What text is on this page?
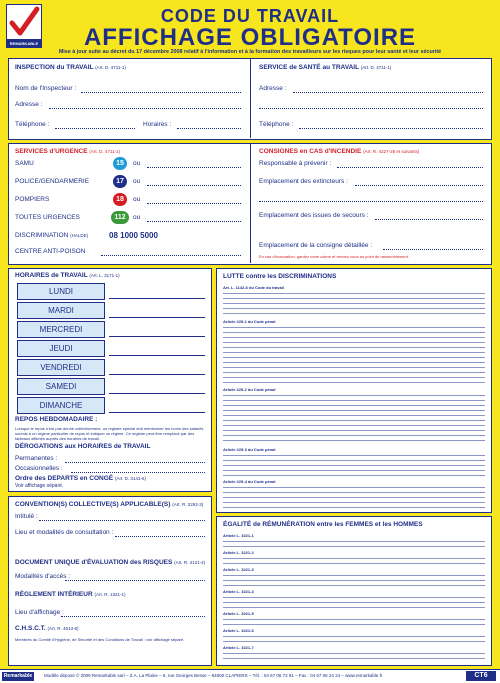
REMARKABLE
CODE DU TRAVAIL
AFFICHAGE OBLIGATOIRE
Mise à jour suite au décret du 17 décembre 2008 relatif à l'information et à la formation des travailleurs sur les risques pour leur santé et leur sécurité
INSPECTION du TRAVAIL (Art. D. 4711-1)
Nom de l'Inspecteur :
Adresse :
Téléphone :	Horaires :
SERVICE de SANTÉ au TRAVAIL (Art. D. 4711-1)
Adresse :
Téléphone :
SERVICES d'URGENCE (Art. D. 4711-1)
SAMU	15	ou
POLICE/GENDARMERIE	17	ou
POMPIERS	18	ou
TOUTES URGENCES	112	ou
DISCRIMINATION (HALDE)	08 1000 5000
CENTRE ANTI-POISON
CONSIGNES en CAS d'INCENDIE (Art. R. 4227-28 et suivants)
Responsable à prévenir :
Emplacement des extincteurs :
Emplacement des issues de secours :
Emplacement de la consigne détaillée :
En cas d'évacuation, gardez votre calme et rendez-vous au point de rassemblement.
HORAIRES de TRAVAIL (Art. L. 3171-1)
LUNDI
MARDI
MERCREDI
JEUDI
VENDREDI
SAMEDI
DIMANCHE
REPOS HEBDOMADAIRE :
Lorsque le repos n'est pas donné collectivement, un registre spécial doit mentionner les noms des salariés soumis à un régime particulier de repos et indiquer ce régime. Ce registre peut être remplacé par des tableaux affichés auprès des horaires de travail.
DÉROGATIONS aux HORAIRES de TRAVAIL
Permanentes :
Occasionnelles :
Ordre des DEPARTS en CONGÉ (Art. D. 3141-6)
Voir affichage séparé.
CONVENTION(S) COLLECTIVE(S) APPLICABLE(S) (Art. R. 2262-3)
Intitulé :
Lieu et modalités de consultation :
DOCUMENT UNIQUE d'ÉVALUATION des RISQUES (Art. R. 4121-4)
Modalités d'accès :
RÈGLEMENT INTÉRIEUR (Art. R. 1321-1)
Lieu d'affichage :
C.H.S.C.T. (Art. R. 4613-8)
Membres du Comité d'Hygiène, de Sécurité et des Conditions de Travail : voir affichage séparé.
LUTTE contre les DISCRIMINATIONS
Art. L. 1142-6 du Code du travail
Article 225-1 du Code pénal
Article 225-2 du Code pénal
Article 225-3 du Code pénal
Article 225-4 du Code pénal
ÉGALITÉ de RÉMUNÉRATION entre les FEMMES et les HOMMES
Article L. 3221-1
Article L. 3221-2
Article L. 3221-3
Article L. 3221-4
Article L. 3221-5
Article L. 3221-6
Article L. 3221-7
Remarkable	Modèle déposé © 2009 Remarkable sarl – Z.A. La Plaine – 6, rue Georges Besse – 84600 CLAPIERS – Tél. : 04 67 06 72 91 – Fax : 04 67 06 24 24 – www.remarkable.fr	CT6
